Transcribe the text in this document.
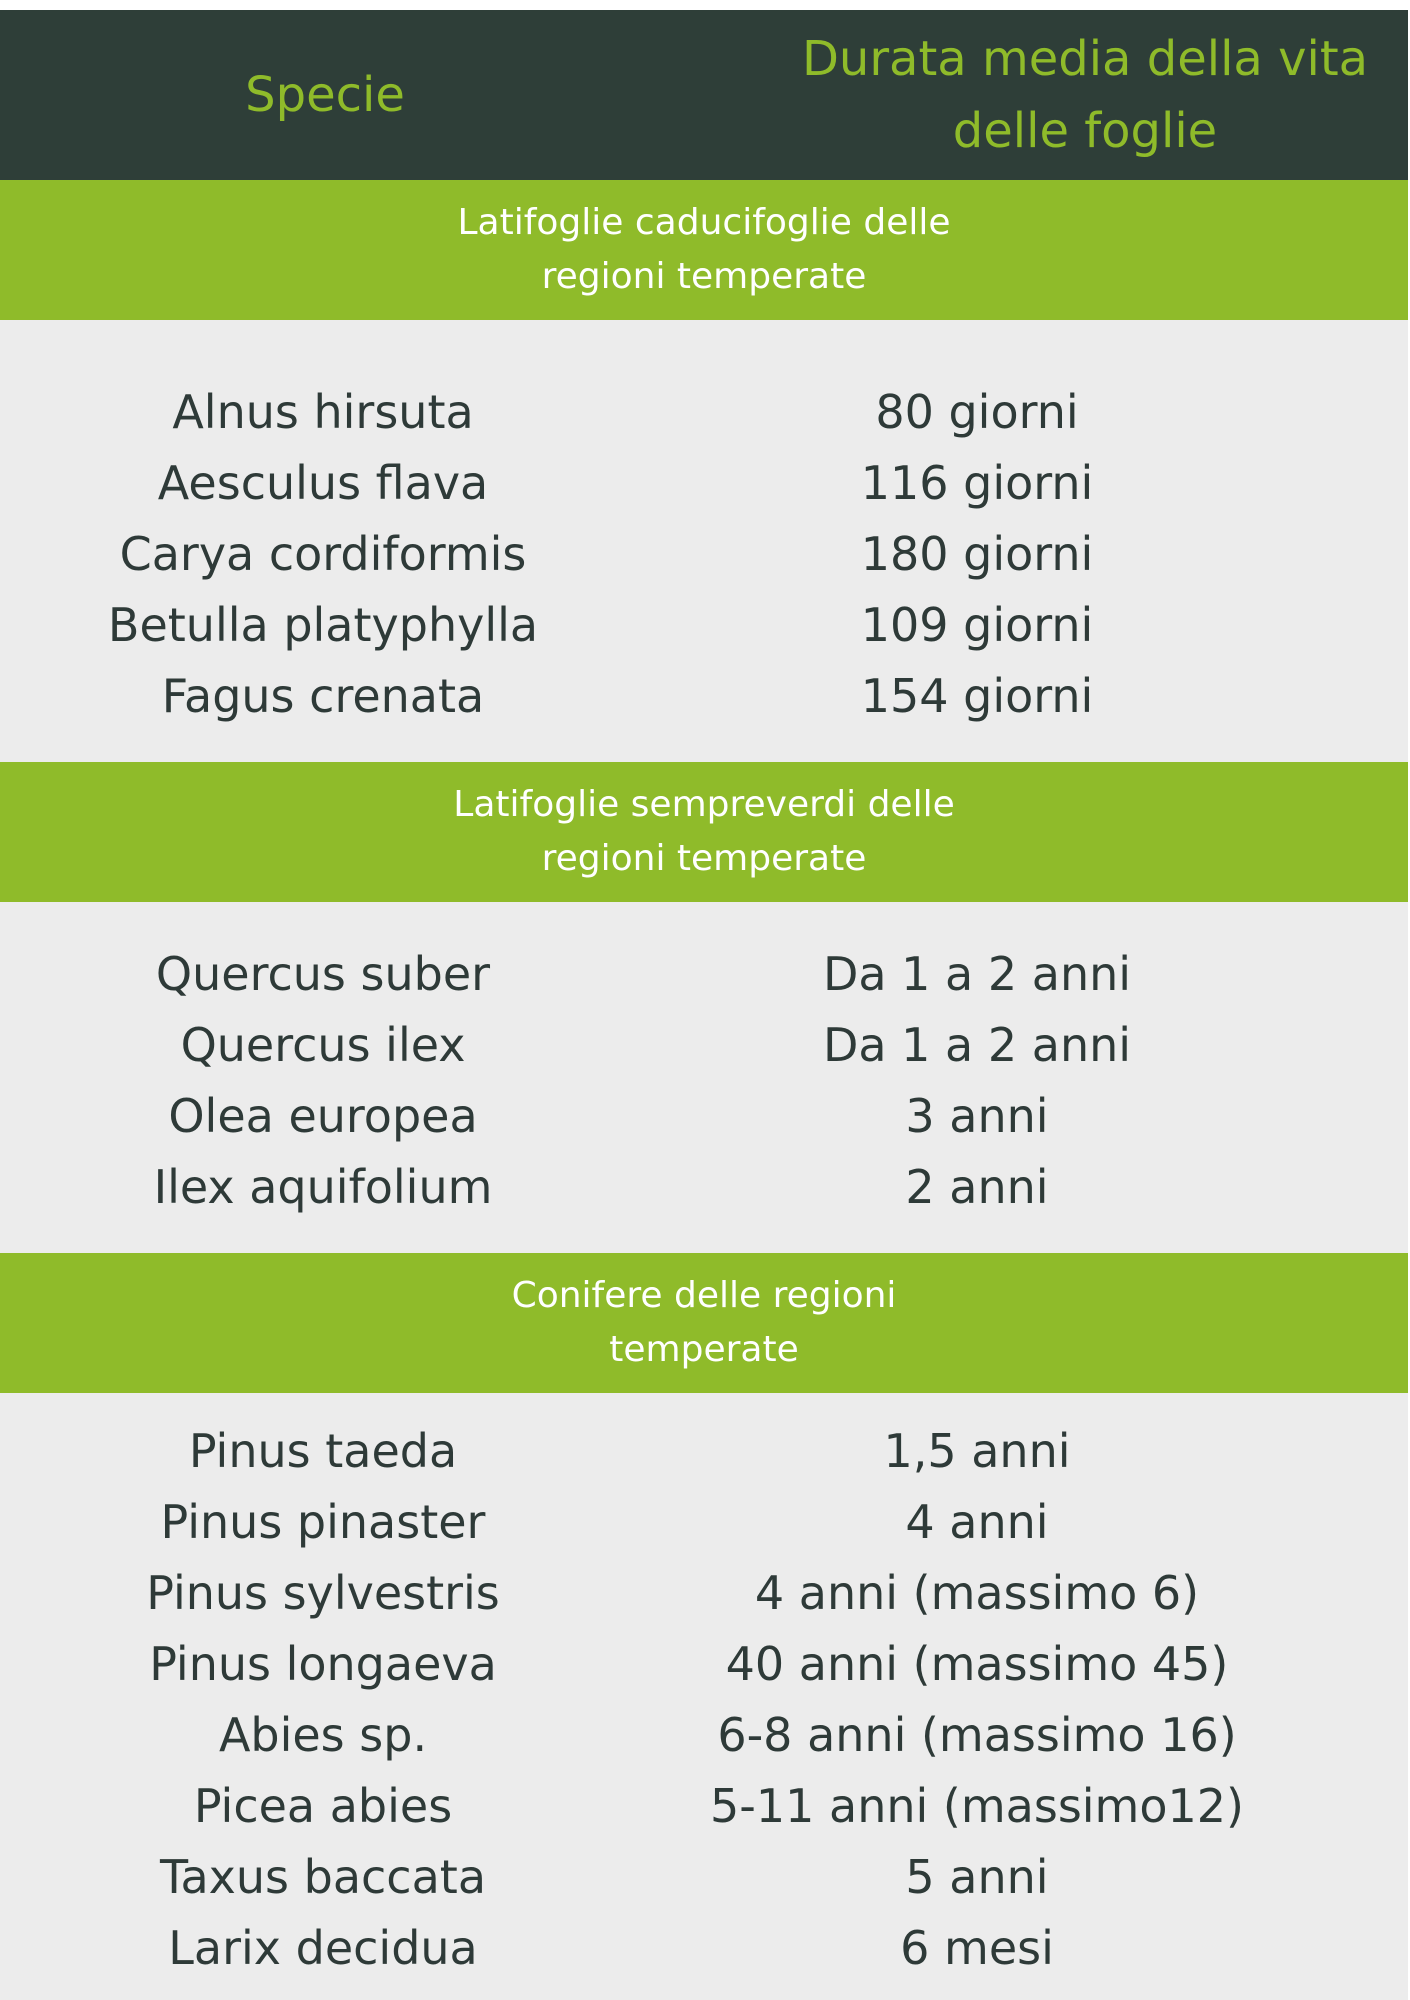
Specie
Durata media della vita delle foglie
Latifoglie caducifoglie delle regioni temperate
Alnus hirsuta	80 giorni
Aesculus flava	116 giorni
Carya cordiformis	180 giorni
Betulla platyphylla	109 giorni
Fagus crenata	154 giorni
Latifoglie sempreverdi delle regioni temperate
Quercus suber	Da 1 a 2 anni
Quercus ilex	Da 1 a 2 anni
Olea europea	3 anni
Ilex aquifolium	2 anni
Conifere delle regioni temperate
Pinus taeda	1,5 anni
Pinus pinaster	4 anni
Pinus sylvestris	4 anni (massimo 6)
Pinus longaeva	40 anni (massimo 45)
Abies sp.	6-8 anni (massimo 16)
Picea abies	5-11 anni (massimo12)
Taxus baccata	5 anni
Larix decidua	6 mesi
